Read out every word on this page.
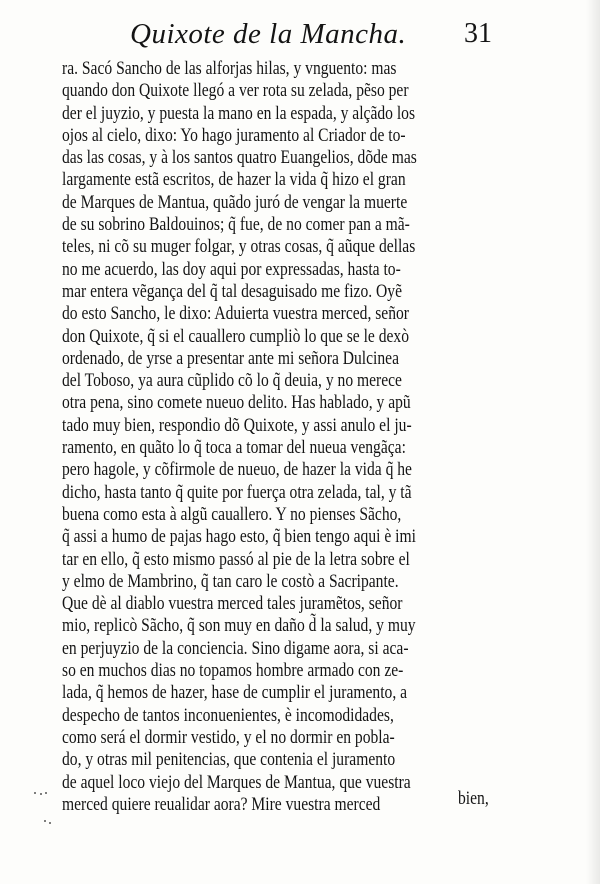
Quixote de la Mancha. 31
ra. Sacó Sancho de las alforjas hilas, y vnguento: mas
quando don Quixote llegó a ver rota su zelada, pẽso per
der el juyzio, y puesta la mano en la espada, y alçãdo los
ojos al cielo, dixo: Yo hago juramento al Criador de to-
das las cosas, y à los santos quatro Euangelios, dõde mas
largamente estã escritos, de hazer la vida q̃ hizo el gran
de Marques de Mantua, quãdo juró de vengar la muerte
de su sobrino Baldouinos; q̃ fue, de no comer pan a mã-
teles, ni cõ su muger folgar, y otras cosas, q̃ aũque dellas
no me acuerdo, las doy aqui por expressadas, hasta to-
mar entera vẽgança del q̃ tal desaguisado me fizo. Oyẽ
do esto Sancho, le dixo: Aduierta vuestra merced, señor
don Quixote, q̃ si el cauallero cumpliò lo que se le dexò
ordenado, de yrse a presentar ante mi señora Dulcinea
del Toboso, ya aura cũplido cõ lo q̃ deuia, y no merece
otra pena, sino comete nueuo delito. Has hablado, y apũ
tado muy bien, respondio dõ Quixote, y assi anulo el ju-
ramento, en quãto lo q̃ toca a tomar del nueua vengãça:
pero hagole, y cõfirmole de nueuo, de hazer la vida q̃ he
dicho, hasta tanto q̃ quite por fuerça otra zelada, tal, y tã
buena como esta à algũ cauallero. Y no pienses Sãcho,
q̃ assi a humo de pajas hago esto, q̃ bien tengo aqui è imi
tar en ello, q̃ esto mismo passó al pie de la letra sobre el
y elmo de Mambrino, q̃ tan caro le costò a Sacripante.
Que dè al diablo vuestra merced tales juramẽtos, señor
mio, replicò Sãcho, q̃ son muy en daño d̃ la salud, y muy
en perjuyzio de la conciencia. Sino digame aora, si aca-
so en muchos dias no topamos hombre armado con ze-
lada, q̃ hemos de hazer, hase de cumplir el juramento, a
despecho de tantos inconuenientes, è incomodidades,
como será el dormir vestido, y el no dormir en pobla-
do, y otras mil penitencias, que contenia el juramento
de aquel loco viejo del Marques de Mantua, que vuestra
merced quiere reualidar aora? Mire vuestra merced	bien,
